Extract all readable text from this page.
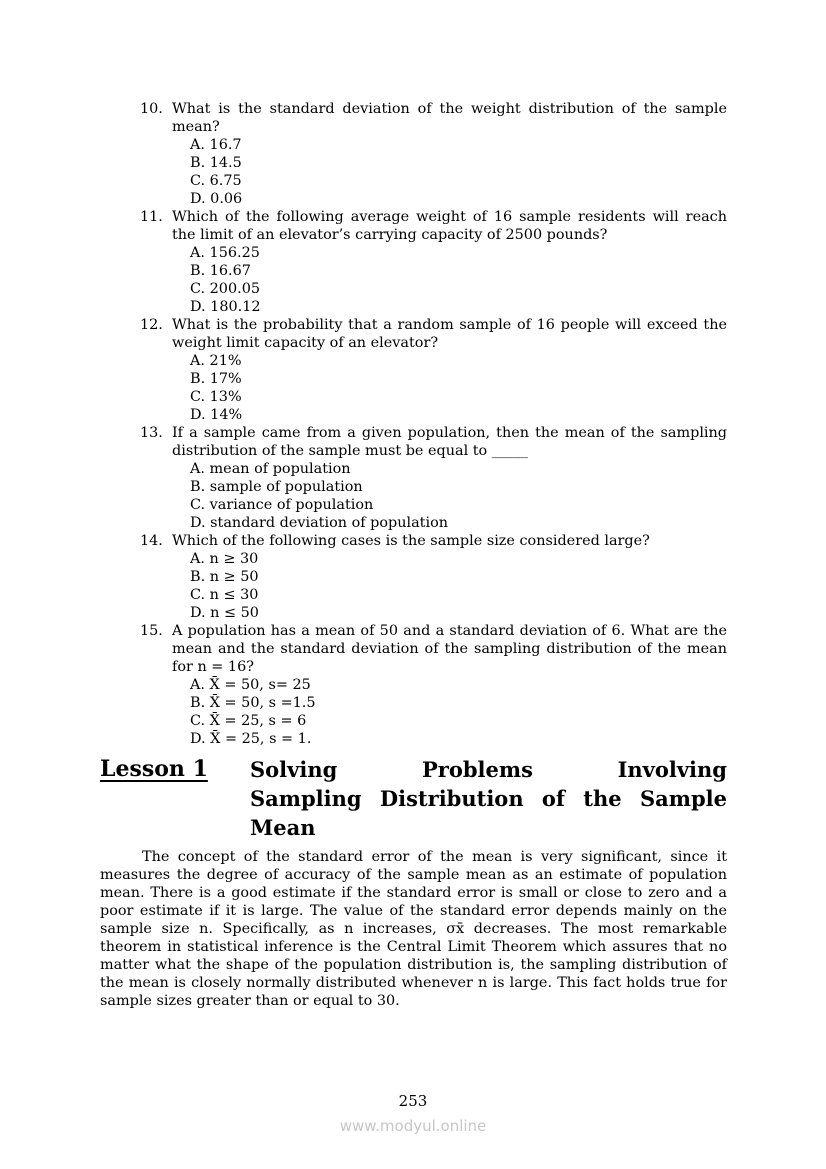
10. What is the standard deviation of the weight distribution of the sample mean?
A. 16.7
B. 14.5
C. 6.75
D. 0.06
11. Which of the following average weight of 16 sample residents will reach the limit of an elevator’s carrying capacity of 2500 pounds?
A. 156.25
B. 16.67
C. 200.05
D. 180.12
12. What is the probability that a random sample of 16 people will exceed the weight limit capacity of an elevator?
A. 21%
B. 17%
C. 13%
D. 14%
13. If a sample came from a given population, then the mean of the sampling distribution of the sample must be equal to _____
A. mean of population
B. sample of population
C. variance of population
D. standard deviation of population
14. Which of the following cases is the sample size considered large?
A. n ≥ 30
B. n ≥ 50
C. n ≤ 30
D. n ≤ 50
15. A population has a mean of 50 and a standard deviation of 6. What are the mean and the standard deviation of the sampling distribution of the mean for n = 16?
A. X̄ = 50, s= 25
B. X̄ = 50, s =1.5
C. X̄ = 25, s = 6
D. X̄ = 25, s = 1.
Lesson 1	Solving Problems Involving
Sampling Distribution of the Sample
Mean
The concept of the standard error of the mean is very significant, since it measures the degree of accuracy of the sample mean as an estimate of population mean. There is a good estimate if the standard error is small or close to zero and a poor estimate if it is large. The value of the standard error depends mainly on the sample size n. Specifically, as n increases, σx̄ decreases. The most remarkable theorem in statistical inference is the Central Limit Theorem which assures that no matter what the shape of the population distribution is, the sampling distribution of the mean is closely normally distributed whenever n is large. This fact holds true for sample sizes greater than or equal to 30.
253
www.modyul.online
